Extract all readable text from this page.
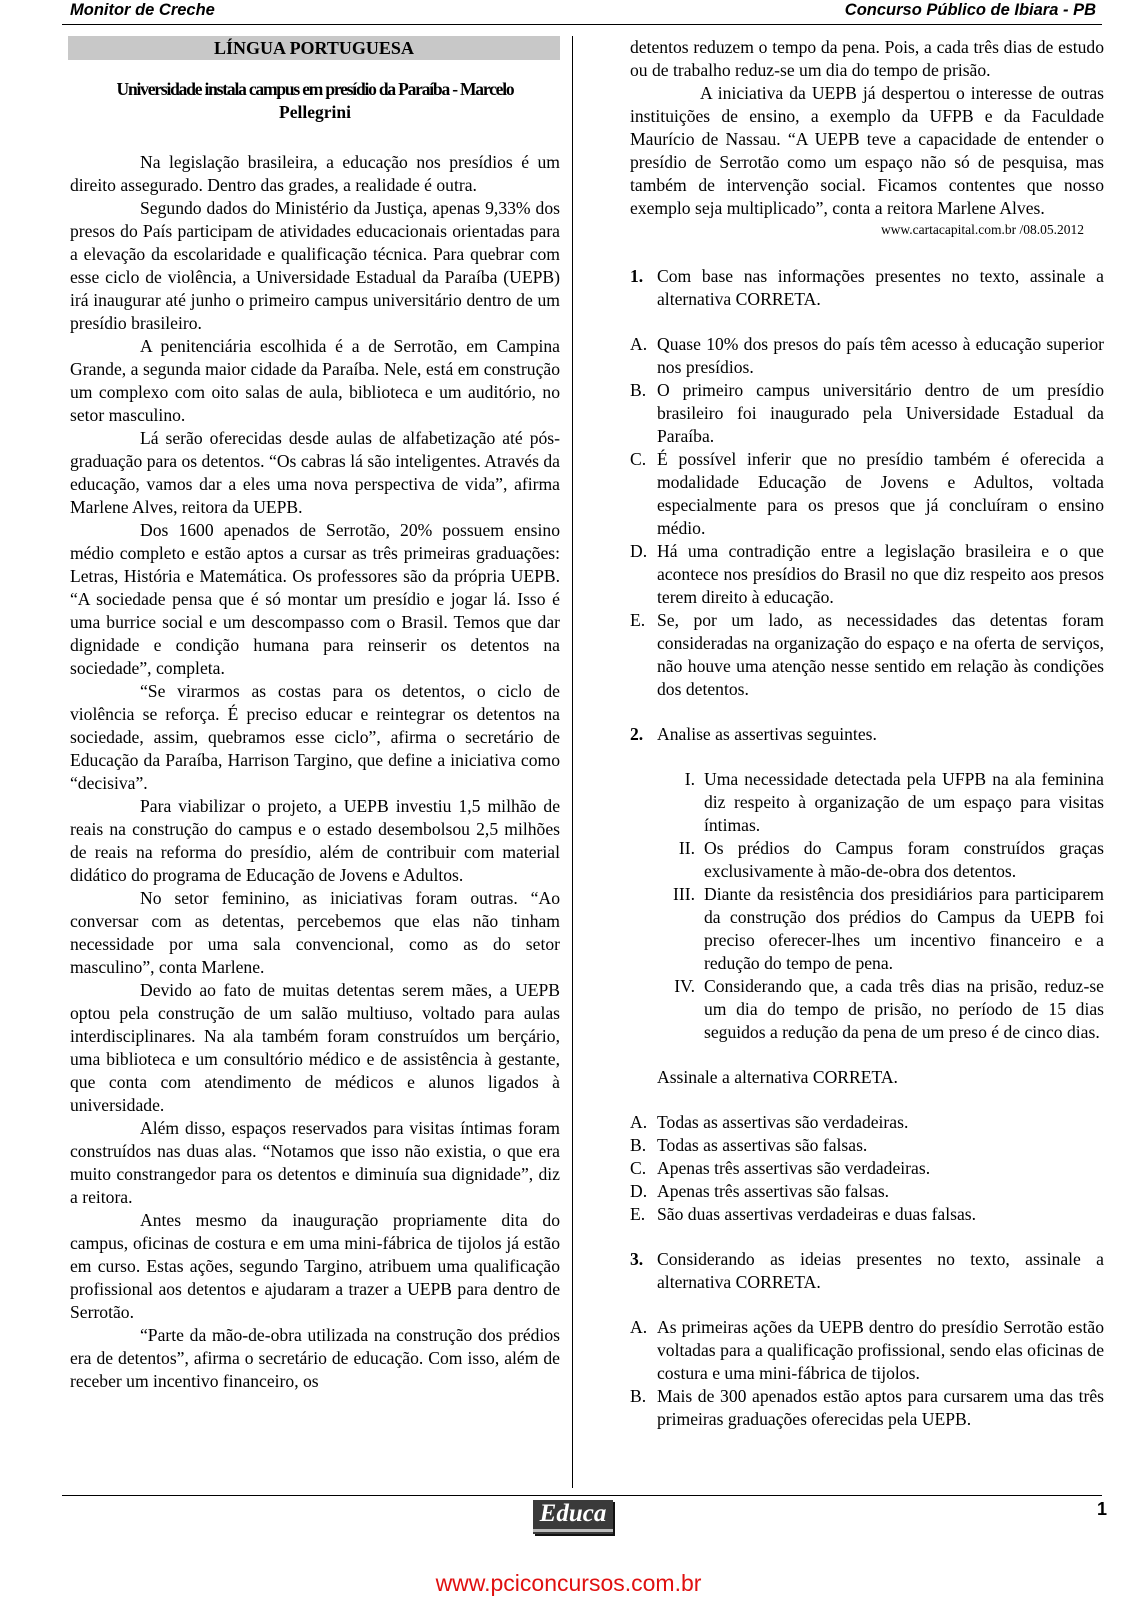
Monitor de Creche	Concurso Público de Ibiara - PB
LÍNGUA PORTUGUESA
Universidade instala campus em presídio da Paraíba - Marcelo
Pellegrini

Na legislação brasileira, a educação nos presídios é um direito assegurado. Dentro das grades, a realidade é outra.

Segundo dados do Ministério da Justiça, apenas 9,33% dos presos do País participam de atividades educacionais orientadas para a elevação da escolaridade e qualificação técnica. Para quebrar com esse ciclo de violência, a Universidade Estadual da Paraíba (UEPB) irá inaugurar até junho o primeiro campus universitário dentro de um presídio brasileiro.

A penitenciária escolhida é a de Serrotão, em Campina Grande, a segunda maior cidade da Paraíba. Nele, está em construção um complexo com oito salas de aula, biblioteca e um auditório, no setor masculino.

Lá serão oferecidas desde aulas de alfabetização até pós-graduação para os detentos. “Os cabras lá são inteligentes. Através da educação, vamos dar a eles uma nova perspectiva de vida”, afirma Marlene Alves, reitora da UEPB.

Dos 1600 apenados de Serrotão, 20% possuem ensino médio completo e estão aptos a cursar as três primeiras graduações: Letras, História e Matemática. Os professores são da própria UEPB. “A sociedade pensa que é só montar um presídio e jogar lá. Isso é uma burrice social e um descompasso com o Brasil. Temos que dar dignidade e condição humana para reinserir os detentos na sociedade”, completa.

“Se virarmos as costas para os detentos, o ciclo de violência se reforça. É preciso educar e reintegrar os detentos na sociedade, assim, quebramos esse ciclo”, afirma o secretário de Educação da Paraíba, Harrison Targino, que define a iniciativa como “decisiva”.

Para viabilizar o projeto, a UEPB investiu 1,5 milhão de reais na construção do campus e o estado desembolsou 2,5 milhões de reais na reforma do presídio, além de contribuir com material didático do programa de Educação de Jovens e Adultos.

No setor feminino, as iniciativas foram outras. “Ao conversar com as detentas, percebemos que elas não tinham necessidade por uma sala convencional, como as do setor masculino”, conta Marlene.

Devido ao fato de muitas detentas serem mães, a UEPB optou pela construção de um salão multiuso, voltado para aulas interdisciplinares. Na ala também foram construídos um berçário, uma biblioteca e um consultório médico e de assistência à gestante, que conta com atendimento de médicos e alunos ligados à universidade.

Além disso, espaços reservados para visitas íntimas foram construídos nas duas alas. “Notamos que isso não existia, o que era muito constrangedor para os detentos e diminuía sua dignidade”, diz a reitora.

Antes mesmo da inauguração propriamente dita do campus, oficinas de costura e em uma mini-fábrica de tijolos já estão em curso. Estas ações, segundo Targino, atribuem uma qualificação profissional aos detentos e ajudaram a trazer a UEPB para dentro de Serrotão.

“Parte da mão-de-obra utilizada na construção dos prédios era de detentos”, afirma o secretário de educação. Com isso, além de receber um incentivo financeiro, os

detentos reduzem o tempo da pena. Pois, a cada três dias de estudo ou de trabalho reduz-se um dia do tempo de prisão.

A iniciativa da UEPB já despertou o interesse de outras instituições de ensino, a exemplo da UFPB e da Faculdade Maurício de Nassau. “A UEPB teve a capacidade de entender o presídio de Serrotão como um espaço não só de pesquisa, mas também de intervenção social. Ficamos contentes que nosso exemplo seja multiplicado”, conta a reitora Marlene Alves.

www.cartacapital.com.br /08.05.2012
1. Com base nas informações presentes no texto, assinale a alternativa CORRETA.
A. Quase 10% dos presos do país têm acesso à educação superior nos presídios.
B. O primeiro campus universitário dentro de um presídio brasileiro foi inaugurado pela Universidade Estadual da Paraíba.
C. É possível inferir que no presídio também é oferecida a modalidade Educação de Jovens e Adultos, voltada especialmente para os presos que já concluíram o ensino médio.
D. Há uma contradição entre a legislação brasileira e o que acontece nos presídios do Brasil no que diz respeito aos presos terem direito à educação.
E. Se, por um lado, as necessidades das detentas foram consideradas na organização do espaço e na oferta de serviços, não houve uma atenção nesse sentido em relação às condições dos detentos.
2. Analise as assertivas seguintes.
I. Uma necessidade detectada pela UFPB na ala feminina diz respeito à organização de um espaço para visitas íntimas.
II. Os prédios do Campus foram construídos graças exclusivamente à mão-de-obra dos detentos.
III. Diante da resistência dos presidiários para participarem da construção dos prédios do Campus da UEPB foi preciso oferecer-lhes um incentivo financeiro e a redução do tempo de pena.
IV. Considerando que, a cada três dias na prisão, reduz-se um dia do tempo de prisão, no período de 15 dias seguidos a redução da pena de um preso é de cinco dias.
Assinale a alternativa CORRETA.
A. Todas as assertivas são verdadeiras.
B. Todas as assertivas são falsas.
C. Apenas três assertivas são verdadeiras.
D. Apenas três assertivas são falsas.
E. São duas assertivas verdadeiras e duas falsas.
3. Considerando as ideias presentes no texto, assinale a alternativa CORRETA.
A. As primeiras ações da UEPB dentro do presídio Serrotão estão voltadas para a qualificação profissional, sendo elas oficinas de costura e uma mini-fábrica de tijolos.
B. Mais de 300 apenados estão aptos para cursarem uma das três primeiras graduações oferecidas pela UEPB.
Educa	1
www.pciconcursos.com.br
